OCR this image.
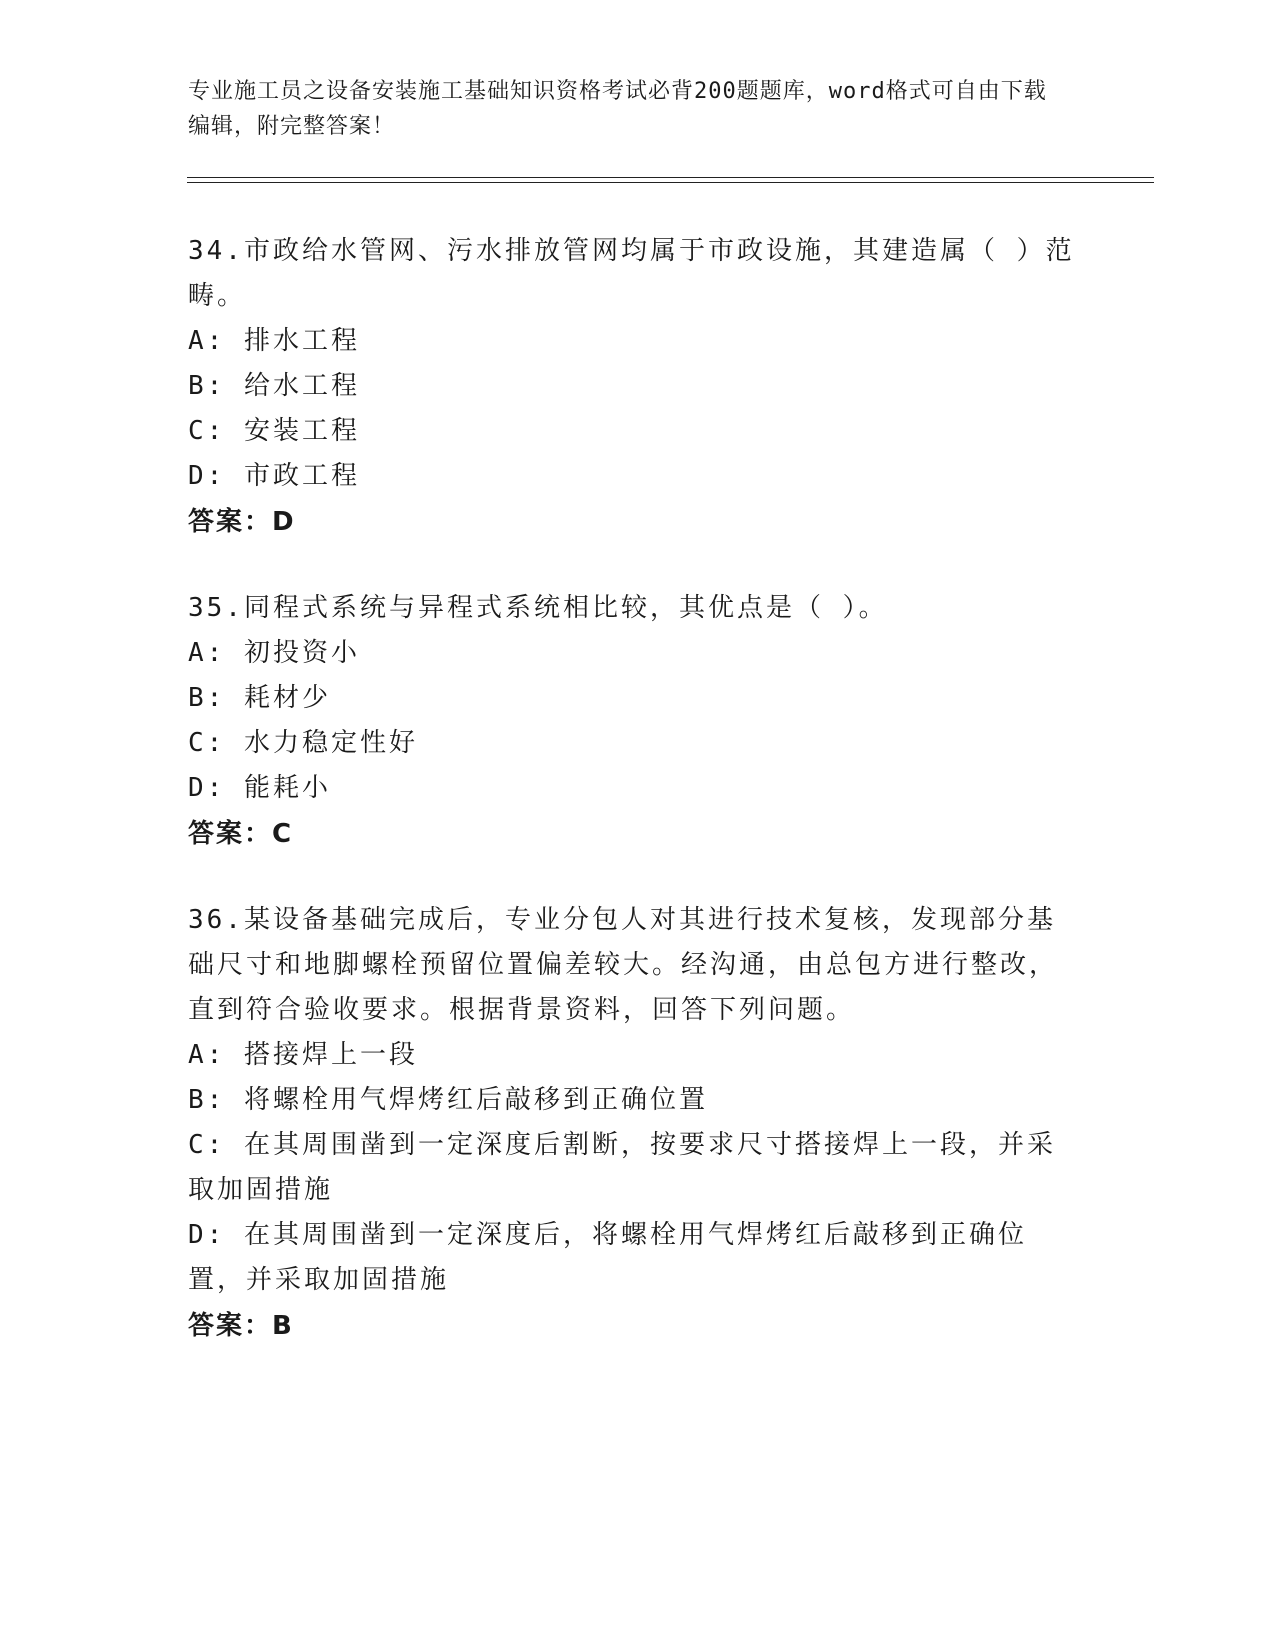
专业施工员之设备安装施工基础知识资格考试必背200题题库，word格式可自由下载编辑，附完整答案！

34.市政给水管网、污水排放管网均属于市政设施，其建造属（ ）范畴。

A: 排水工程

B: 给水工程

C: 安装工程

D: 市政工程

答案：D

35.同程式系统与异程式系统相比较，其优点是（ ）。

A: 初投资小

B: 耗材少

C: 水力稳定性好

D: 能耗小

答案：C

36.某设备基础完成后，专业分包人对其进行技术复核，发现部分基础尺寸和地脚螺栓预留位置偏差较大。经沟通，由总包方进行整改，直到符合验收要求。根据背景资料，回答下列问题。

A: 搭接焊上一段

B: 将螺栓用气焊烤红后敲移到正确位置

C: 在其周围凿到一定深度后割断，按要求尺寸搭接焊上一段，并采取加固措施

D: 在其周围凿到一定深度后，将螺栓用气焊烤红后敲移到正确位置，并采取加固措施

答案：B
